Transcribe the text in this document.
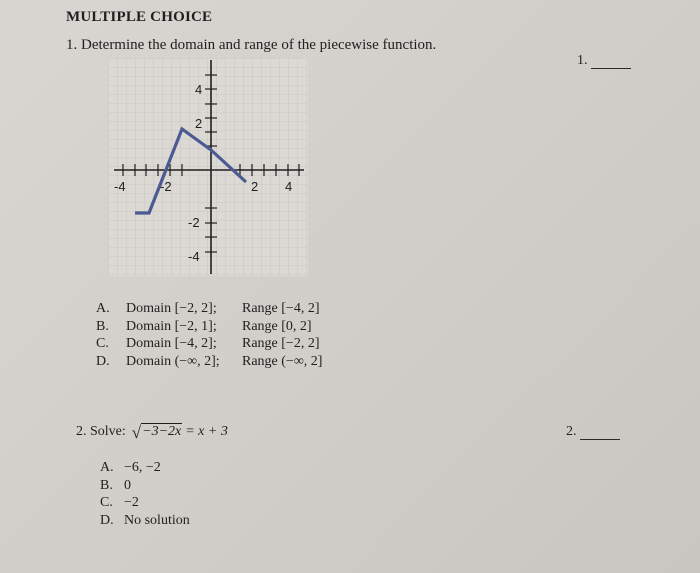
MULTIPLE CHOICE
1. Determine the domain and range of the piecewise function.
1.
-4	-2	2 4
4
2
-2
-4
A.	Domain [−2, 2];	Range [−4, 2]
B.	Domain [−2, 1];	Range [0, 2]
C.	Domain [−4, 2];	Range [−2, 2]
D.	Domain (−∞, 2];	Range (−∞, 2]
2. Solve: √ −3−2x = x + 3	2.
A. −6, −2
B. 0
C. −2
D. No solution
